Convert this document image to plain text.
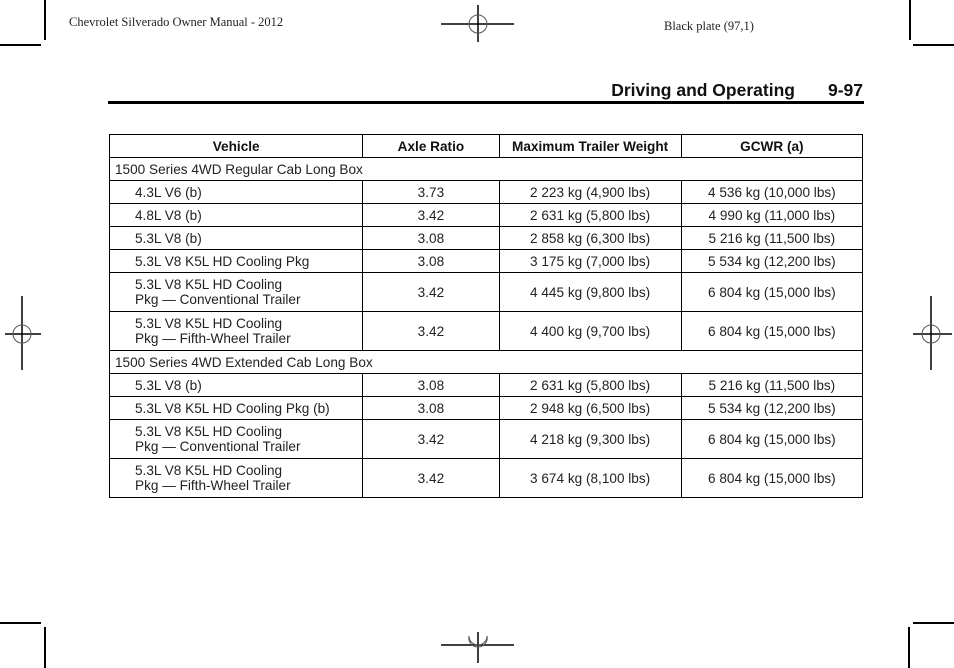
Chevrolet Silverado Owner Manual - 2012	Black plate (97,1)
Driving and Operating 9-97
Vehicle	Axle Ratio	Maximum Trailer Weight	GCWR (a)
1500 Series 4WD Regular Cab Long Box			
4.3L V6 (b)	3.73	2 223 kg (4,900 lbs)	4 536 kg (10,000 lbs)
4.8L V8 (b)	3.42	2 631 kg (5,800 lbs)	4 990 kg (11,000 lbs)
5.3L V8 (b)	3.08	2 858 kg (6,300 lbs)	5 216 kg (11,500 lbs)
5.3L V8 K5L HD Cooling Pkg	3.08	3 175 kg (7,000 lbs)	5 534 kg (12,200 lbs)

5.3L V8 K5L HD Cooling
Pkg — Conventional Trailer	3.42	4 445 kg (9,800 lbs)	6 804 kg (15,000 lbs)

5.3L V8 K5L HD Cooling
Pkg — Fifth-Wheel Trailer	3.42	4 400 kg (9,700 lbs)	6 804 kg (15,000 lbs)
1500 Series 4WD Extended Cab Long Box			
5.3L V8 (b)	3.08	2 631 kg (5,800 lbs)	5 216 kg (11,500 lbs)
5.3L V8 K5L HD Cooling Pkg (b)	3.08	2 948 kg (6,500 lbs)	5 534 kg (12,200 lbs)

5.3L V8 K5L HD Cooling
Pkg — Conventional Trailer	3.42	4 218 kg (9,300 lbs)	6 804 kg (15,000 lbs)

5.3L V8 K5L HD Cooling
Pkg — Fifth-Wheel Trailer	3.42	3 674 kg (8,100 lbs)	6 804 kg (15,000 lbs)
